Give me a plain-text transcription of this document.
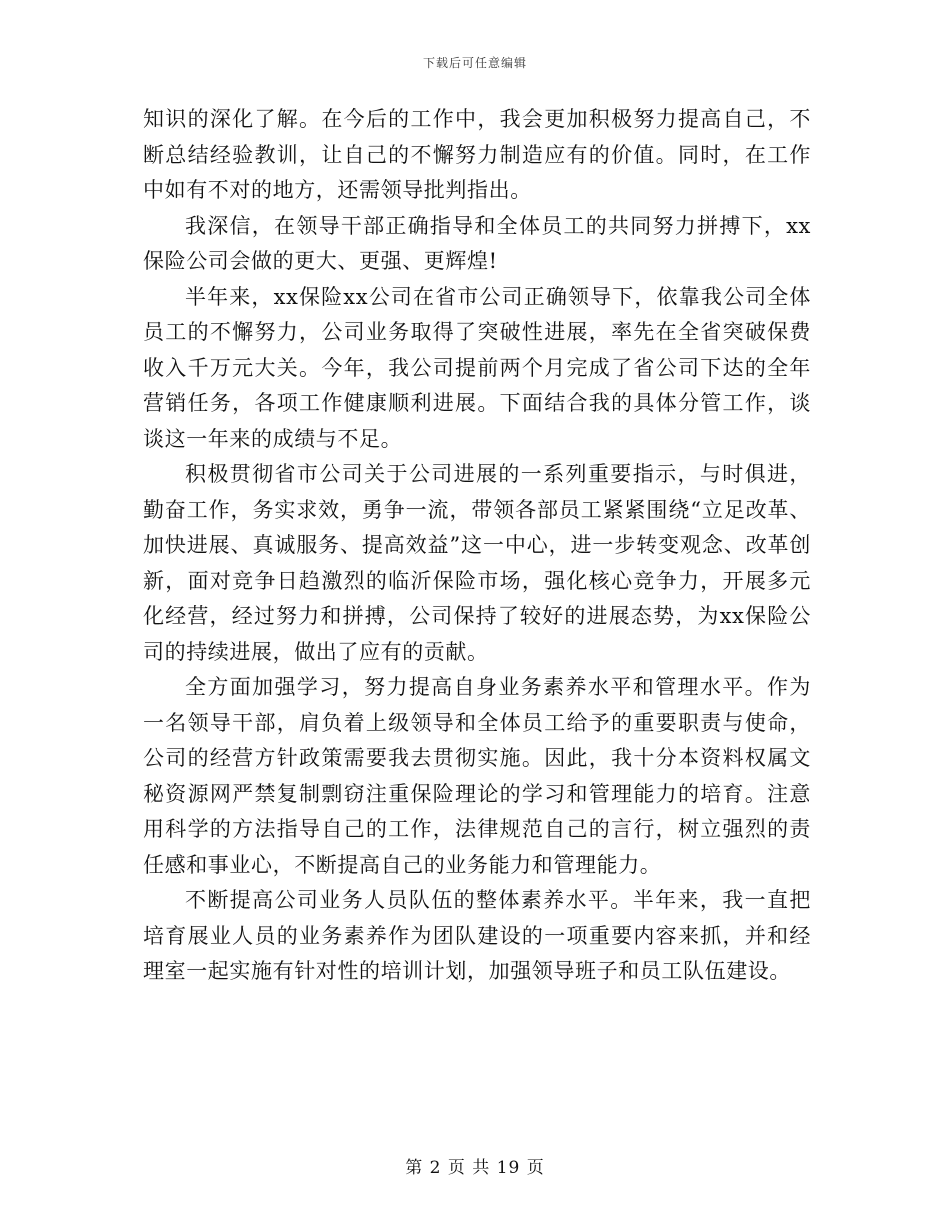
下载后可任意编辑

知识的深化了解。在今后的工作中，我会更加积极努力提高自己，不断总结经验教训，让自己的不懈努力制造应有的价值。同时，在工作中如有不对的地方，还需领导批判指出。

我深信，在领导干部正确指导和全体员工的共同努力拼搏下，xx保险公司会做的更大、更强、更辉煌!

半年来，xx保险xx公司在省市公司正确领导下，依靠我公司全体员工的不懈努力，公司业务取得了突破性进展，率先在全省突破保费收入千万元大关。今年，我公司提前两个月完成了省公司下达的全年营销任务，各项工作健康顺利进展。下面结合我的具体分管工作，谈谈这一年来的成绩与不足。

积极贯彻省市公司关于公司进展的一系列重要指示，与时俱进，勤奋工作，务实求效，勇争一流，带领各部员工紧紧围绕“立足改革、加快进展、真诚服务、提高效益”这一中心，进一步转变观念、改革创新，面对竞争日趋激烈的临沂保险市场，强化核心竞争力，开展多元化经营，经过努力和拼搏，公司保持了较好的进展态势，为xx保险公司的持续进展，做出了应有的贡献。

全方面加强学习，努力提高自身业务素养水平和管理水平。作为一名领导干部，肩负着上级领导和全体员工给予的重要职责与使命，公司的经营方针政策需要我去贯彻实施。因此，我十分本资料权属文秘资源网严禁复制剽窃注重保险理论的学习和管理能力的培育。注意用科学的方法指导自己的工作，法律规范自己的言行，树立强烈的责任感和事业心，不断提高自己的业务能力和管理能力。

不断提高公司业务人员队伍的整体素养水平。半年来，我一直把培育展业人员的业务素养作为团队建设的一项重要内容来抓，并和经理室一起实施有针对性的培训计划，加强领导班子和员工队伍建设。

第 2 页 共 19 页
